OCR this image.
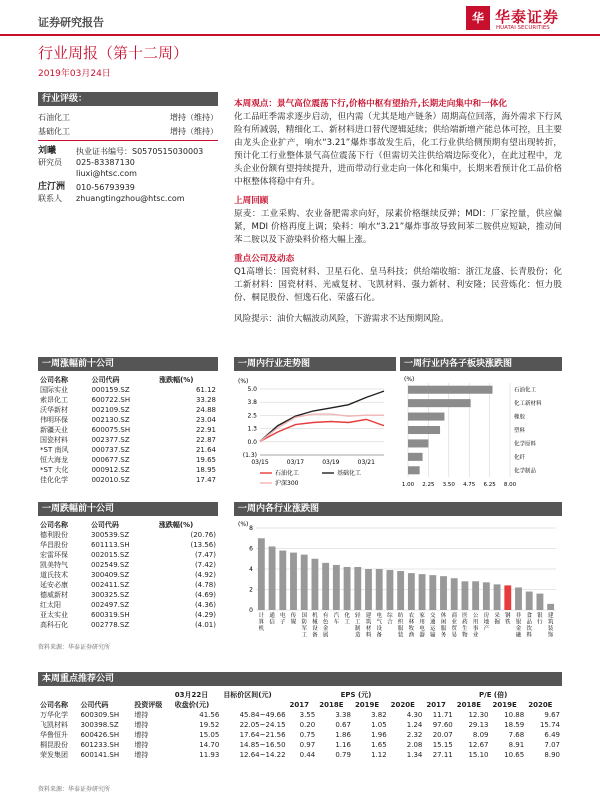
证券研究报告	华 华泰证券
HUATAI SECURITIES
行业周报（第十二周）
2019年03月24日
行业评级：
石油化工	增持（维持）
基础化工	增持（维持）
刘曦
研究员
执业证书编号：S0570515030003
025-83387130
liuxi@htsc.com
庄汀洲
联系人
010-56793939
zhuangtingzhou@htsc.com
本周观点：景气高位震荡下行,价格中枢有望抬升,长期走向集中和一体化
化工品旺季需求逐步启动，但内需（尤其是地产链条）周期高位回落，海外需求下行风险有所减弱，精细化工、新材料进口替代逻辑延续；供给端新增产能总体可控，且主要由龙头企业扩产，响水“3.21”爆炸事故发生后，化工行业供给侧预期有望出现转折，预计化工行业整体景气高位震荡下行（但需切关注供给端边际变化），在此过程中，龙头企业份额有望持续提升，进而带动行业走向一体化和集中，长期来看预计化工品价格中枢整体将稳中有升。
上周回顾
原麦：工业采购、农业备肥需求向好，尿素价格继续反弹；MDI：厂家控量，供应偏紧，MDI 价格再度上调；染料：响水“3.21”爆炸事故导致间苯二胺供应短缺，推动间苯二胺以及下游染料价格大幅上涨。
重点公司及动态
Q1高增长：国瓷材料、卫星石化、皇马科技；供给端收缩：浙江龙盛、长青股份；化工新材料：国瓷材料、光威复材、飞凯材料、强力新材、利安隆；民营炼化：恒力股份、桐昆股份、恒逸石化、荣盛石化。
风险提示：油价大幅波动风险，下游需求不达预期风险。
一周涨幅前十公司
公司名称	公司代码	涨跌幅(%)
国际实业	000159.SZ	61.12
索昂化工	600722.SH	33.28
沃华新材	002109.SZ	24.88
伟明环保	002130.SZ	23.04
新疆天业	600075.SH	22.91
国瓷材料	002377.SZ	22.87
*ST 南风	000737.SZ	21.64
恒大海龙	000677.SZ	19.65
*ST 大化	000912.SZ	18.95
佳化化学	002010.SZ	17.47
一周跌幅前十公司
公司名称	公司代码	涨跌幅(%)
德利股份	300539.SZ	(20.76)
华昌股份	601113.SH	(13.56)
宏雷环保	002015.SZ	(7.47)
凯美特气	002549.SZ	(7.42)
道氏技术	300409.SZ	(4.92)
延安必康	002411.SZ	(4.78)
德威新材	300325.SZ	(4.69)
红太阳	002497.SZ	(4.36)
亚太实业	600319.SH	(4.29)
高科石化	002778.SZ	(4.01)
资料来源：华泰证券研究所
一周内行业走势图
(%)
5.0
3.8
2.5
1.3
0.0
(1.3)
03/15	03/17	03/19	03/21
石油化工	基础化工
沪深300
一周行业内各子板块涨跌图
(%)
1.00 2.25 3.50 4.75 6.25 8.00
石油化工
化工新材料
橡胶
塑料
化学原料
化纤
化学制品
一周内各行业涨跌图
(%)
8
6
4
2
0
计
算
机
通
信
电
子
传
媒
国
防
军
工
机
械
设
备
有
色
金
属
汽
车
化
工
轻
工
制
造
建
筑
材
料
电
气
设
备
综
合
纺
织
服
装
农
林
牧
渔
家
用
电
器
交
通
运
输
休
闲
服
务
商
业
贸
易
医
药
生
物
公
用
事
业
房
地
产
采
掘
钢
铁
非
银
金
融
食
品
饮
料
银
行
建
筑
装
饰
本周重点推荐公司
			03月22日	目标价区间(元)	EPS (元)				P/E (倍)			
公司名称	公司代码	投资评级	收盘价(元)		2017	2018E	2019E	2020E	2017	2018E	2019E	2020E
万华化学	600309.SH	增持	41.56	45.84~49.66	3.55	3.38	3.82	4.30	11.71	12.30	10.88	9.67
飞凯材料	300398.SZ	增持	19.52	22.05~24.15	0.20	0.67	1.05	1.24	97.60	29.13	18.59	15.74
华鲁恒升	600426.SH	增持	15.05	17.64~21.56	0.75	1.86	1.96	2.32	20.07	8.09	7.68	6.49
桐昆股份	601233.SH	增持	14.70	14.85~16.50	0.97	1.16	1.65	2.08	15.15	12.67	8.91	7.07
荣发集团	600141.SH	增持	11.93	12.64~14.22	0.44	0.79	1.12	1.34	27.11	15.10	10.65	8.90
资料来源：华泰证券研究所
